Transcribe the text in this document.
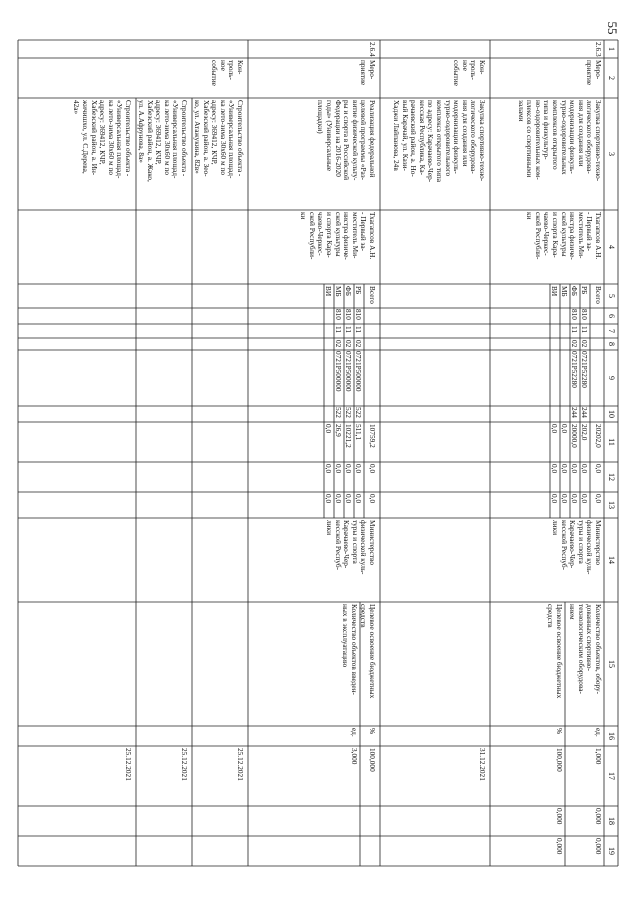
55
1
2
3
4
5
6
7
8
9
10
11
12
13
14
15
16
17
18
19
2.6.3
Меро-
приятие
Закупка спортивно-техно-
логического оборудова-
ния для создания или
модернизации физкуль-
турно-оздоровительных
комплексов открытого
типа и физкультур-
но-оздоровительных ком-
плексов со спортивными
залами
Тхагапсов А.Н.
- Первый за-
меститель Ми-
нистра физиче-
ской культуры
и спорта Кара-
чаево-Черкес-
ской Республи-
ки
Всего
РБ
ФБ
МБ
ВИ
810
810
11
11
02
02
0721P52280
0721P52280
244
244
20202,0
202,0
20000,0
0,0
0,0
0,0
0,0
0,0
0,0
0,0
0,0
0,0
0,0
0,0
0,0
Министерство
физической куль-
туры и спорта
Карачаево-Чер-
кесской Респуб-
лики
Количество объектов, обору-
дованных спортивно-
технологическим оборудова-
нием
Целевое освоение бюджетных
средств
ед.
%
1,000
100,000
0,000
0,000
0,000
0,000
Кон-
троль-
ное
событие
Закупка спортивно-техно-
логического оборудова-
ния для создания или
модернизации физкуль-
турно-оздоровительного
комплекса открытого типа
по адресу: Карачаево-Чер-
кесская Республика, Ка-
рачаевский район, а. Но-
вый Карачай, ул. Кази-
Хаджи Лайпанова, 24в
31.12.2021
2.6.4
Меро-
приятие
Реализация федеральной
целевой программы «Раз-
витие физической культу-
ры и спорта в Российской
Федерации на 2016-2020
годы» (Универсальные
площадки)
Тхагапсов А.Н.
- Первый за-
меститель Ми-
нистра физиче-
ской культуры
и спорта Кара-
чаево-Черкес-
ской Республи-
ки
Всего
РБ
ФБ
МБ
ВИ
810
810
810
11
11
11
02
02
02
0721Р500000
0721Р500000
0721Р500000
522
522
522
10759,2
511,1
10221,2
26,9
0,0
0,0
0,0
0,0
0,0
0,0
0,0
0,0
0,0
0,0
0,0
Министерство
физической куль-
туры и спорта
Карачаево-Чер-
кесской Респуб-
лики
Целевое освоение бюджетных
средств
Количество объектов введен-
ных в эксплуатацию
%
ед.
100,000
3,000
Кон-
троль-
ное
событие
Строительство объекта -
«Универсальная площад-
ка лето-зима 30х60 м по
адресу: 369412, КЧР,
Хабезский район, а. Зео-
ко, ул. Атажукина, 82в»
25.12.2021
Строительство объекта -
«Универсальная площад-
ка лето-зима 30х60 м по
адресу: 369412, КЧР,
Хабезский район, а. Жако,
ул. А.Афрунова, 8а»
25.12.2021
Строительство объекта -
«Универсальная площад-
ка лето-зима 30х60 м по
адресу: 369412, КЧР,
Хабезский район, а. Ин-
жичишхо, ул. С.Дерева,
42а»
25.12.2021
